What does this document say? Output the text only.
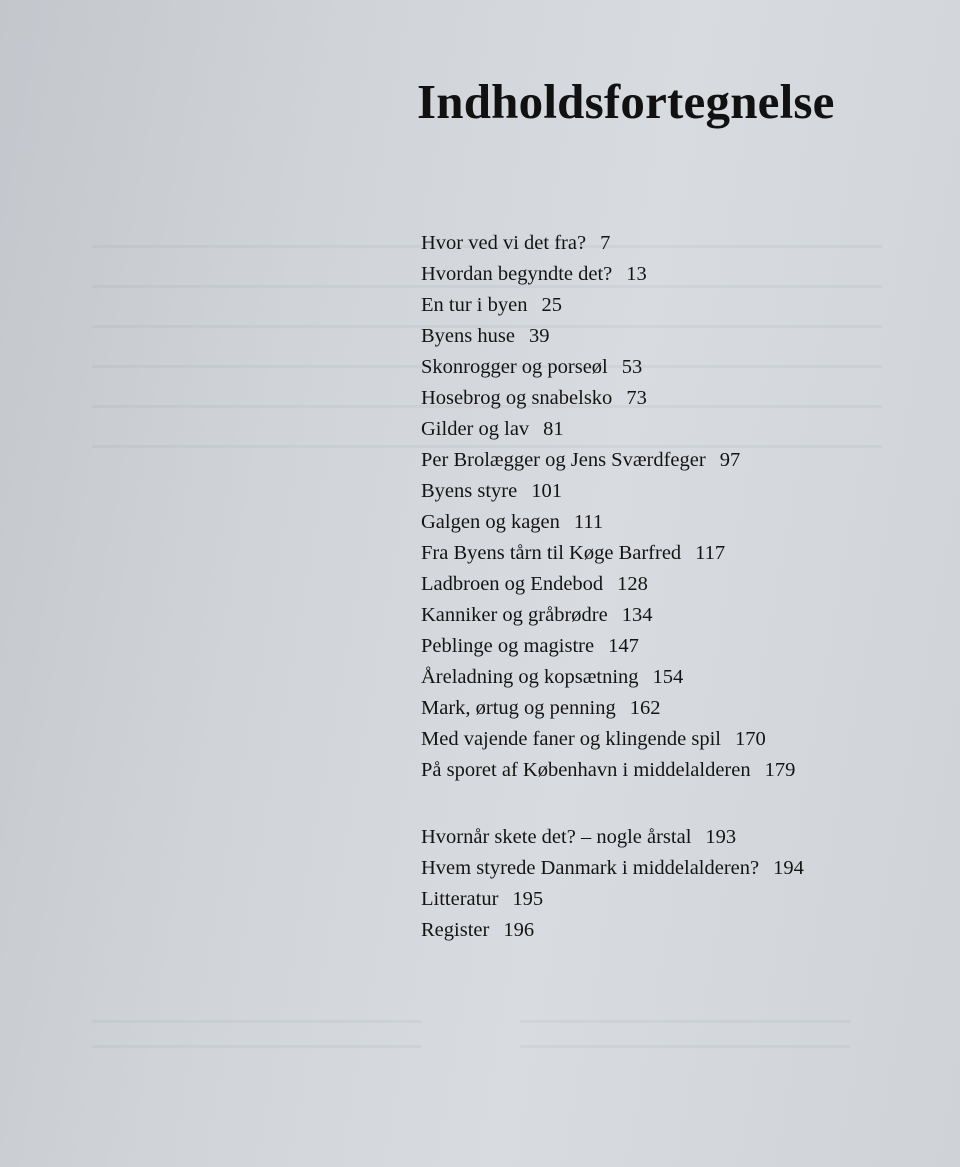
Indholdsfortegnelse
Hvor ved vi det fra? 7
Hvordan begyndte det? 13
En tur i byen 25
Byens huse 39
Skonrogger og porseøl 53
Hosebrog og snabelsko 73
Gilder og lav 81
Per Brolægger og Jens Sværdfeger 97
Byens styre 101
Galgen og kagen 111
Fra Byens tårn til Køge Barfred 117
Ladbroen og Endebod 128
Kanniker og gråbrødre 134
Peblinge og magistre 147
Åreladning og kopsætning 154
Mark, ørtug og penning 162
Med vajende faner og klingende spil 170
På sporet af København i middelalderen 179
Hvornår skete det? – nogle årstal 193
Hvem styrede Danmark i middelalderen? 194
Litteratur 195
Register 196
